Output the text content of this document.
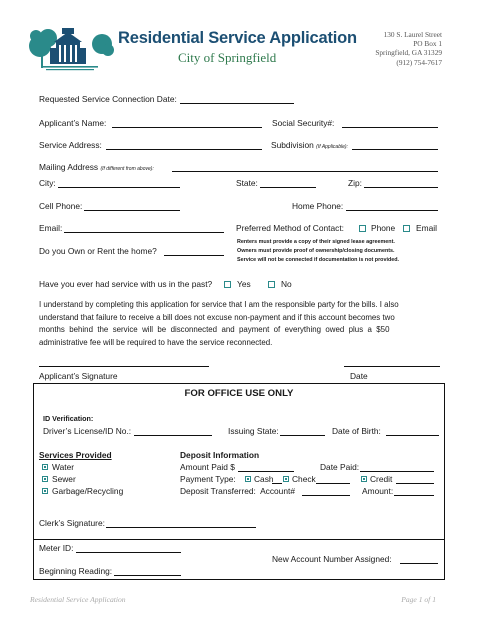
Residential Service Application
City of Springfield
130 S. Laurel Street
PO Box 1
Springfield, GA 31329
(912) 754-7617
Requested Service Connection Date:
Applicant’s Name:	Social Security#:
Service Address:	Subdivision (If Applicable):
Mailing Address (If different from above):
City:	State:	Zip:
Cell Phone:	Home Phone:
Email:	Preferred Method of Contact:	Phone Email
Do you Own or Rent the home?
Renters must provide a copy of their signed lease agreement.
Owners must provide proof of ownership/closing documents.
Service will not be connected if documentation is not provided.
Have you ever had service with us in the past?	Yes	No
I understand by completing this application for service that I am the responsible party for the bills. I also
understand that failure to receive a bill does not excuse non-payment and if this account becomes two
months  behind  the  service  will  be  disconnected  and  payment  of  everything  owed  plus  a  $50
administrative fee will be required to have the service reconnected.
Applicant’s Signature	Date
FOR OFFICE USE ONLY
ID Verification:
Driver’s License/ID No.:	Issuing State:	Date of Birth:
Services Provided
Water
Sewer
Garbage/Recycling
Deposit Information
Amount Paid $	Date Paid:
Payment Type: Cash Check	Credit
Deposit Transferred:  Account#	Amount:
Clerk’s Signature:
Meter ID:
New Account Number Assigned:
Beginning Reading:
Residential Service Application	Page 1 of 1
